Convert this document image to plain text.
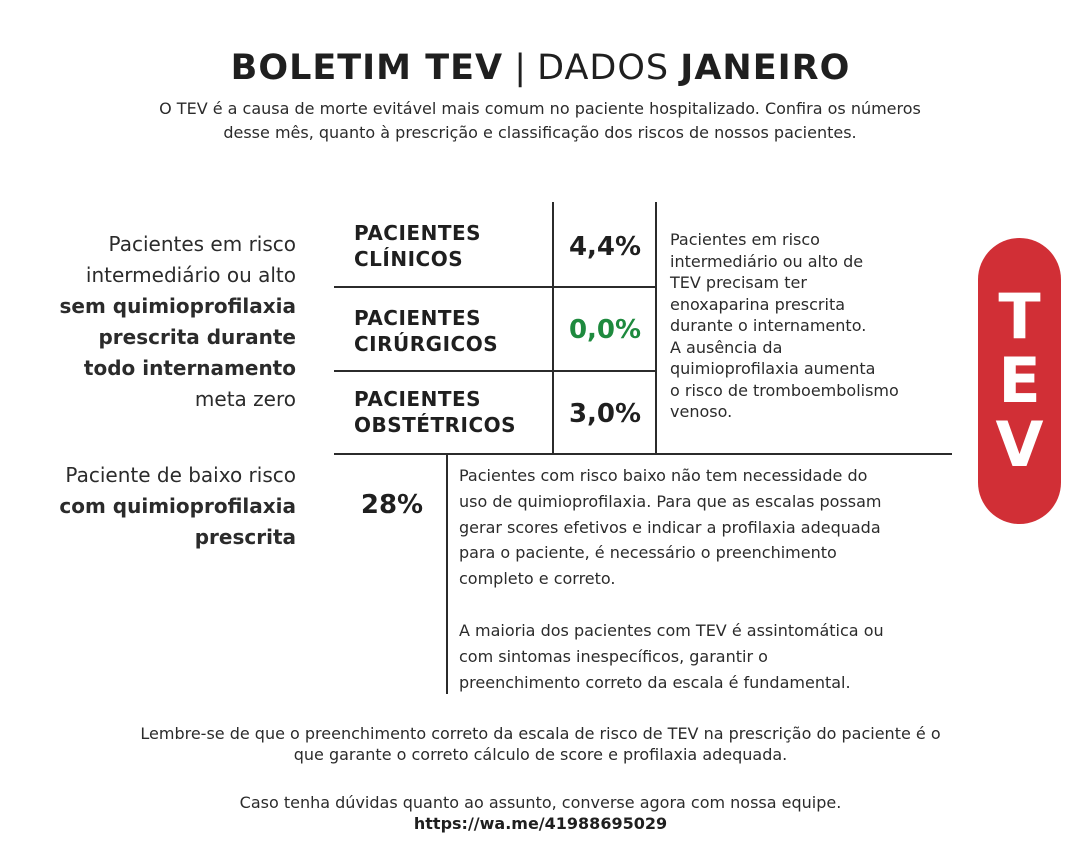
BOLETIM TEV | DADOS JANEIRO
O TEV é a causa de morte evitável mais comum no paciente hospitalizado. Confira os números desse mês, quanto à prescrição e classificação dos riscos de nossos pacientes.
Pacientes em risco
intermediário ou alto
sem quimioprofilaxia
prescrita durante
todo internamento
meta zero
Paciente de baixo risco
com quimioprofilaxia
prescrita
PACIENTES
CLÍNICOS	4,4%
PACIENTES
CIRÚRGICOS	0,0%
PACIENTES
OBSTÉTRICOS	3,0%
Pacientes em risco
intermediário ou alto de
TEV precisam ter
enoxaparina prescrita
durante o internamento.
A ausência da
quimioprofilaxia aumenta
o risco de tromboembolismo
venoso.
28%
Pacientes com risco baixo não tem necessidade do
uso de quimioprofilaxia. Para que as escalas possam
gerar scores efetivos e indicar a profilaxia adequada
para o paciente, é necessário o preenchimento
completo e correto.
A maioria dos pacientes com TEV é assintomática ou
com sintomas inespecíficos, garantir o
preenchimento correto da escala é fundamental.
T
E
V
Lembre-se de que o preenchimento correto da escala de risco de TEV na prescrição do paciente é o
que garante o correto cálculo de score e profilaxia adequada.
Caso tenha dúvidas quanto ao assunto, converse agora com nossa equipe.
https://wa.me/41988695029
